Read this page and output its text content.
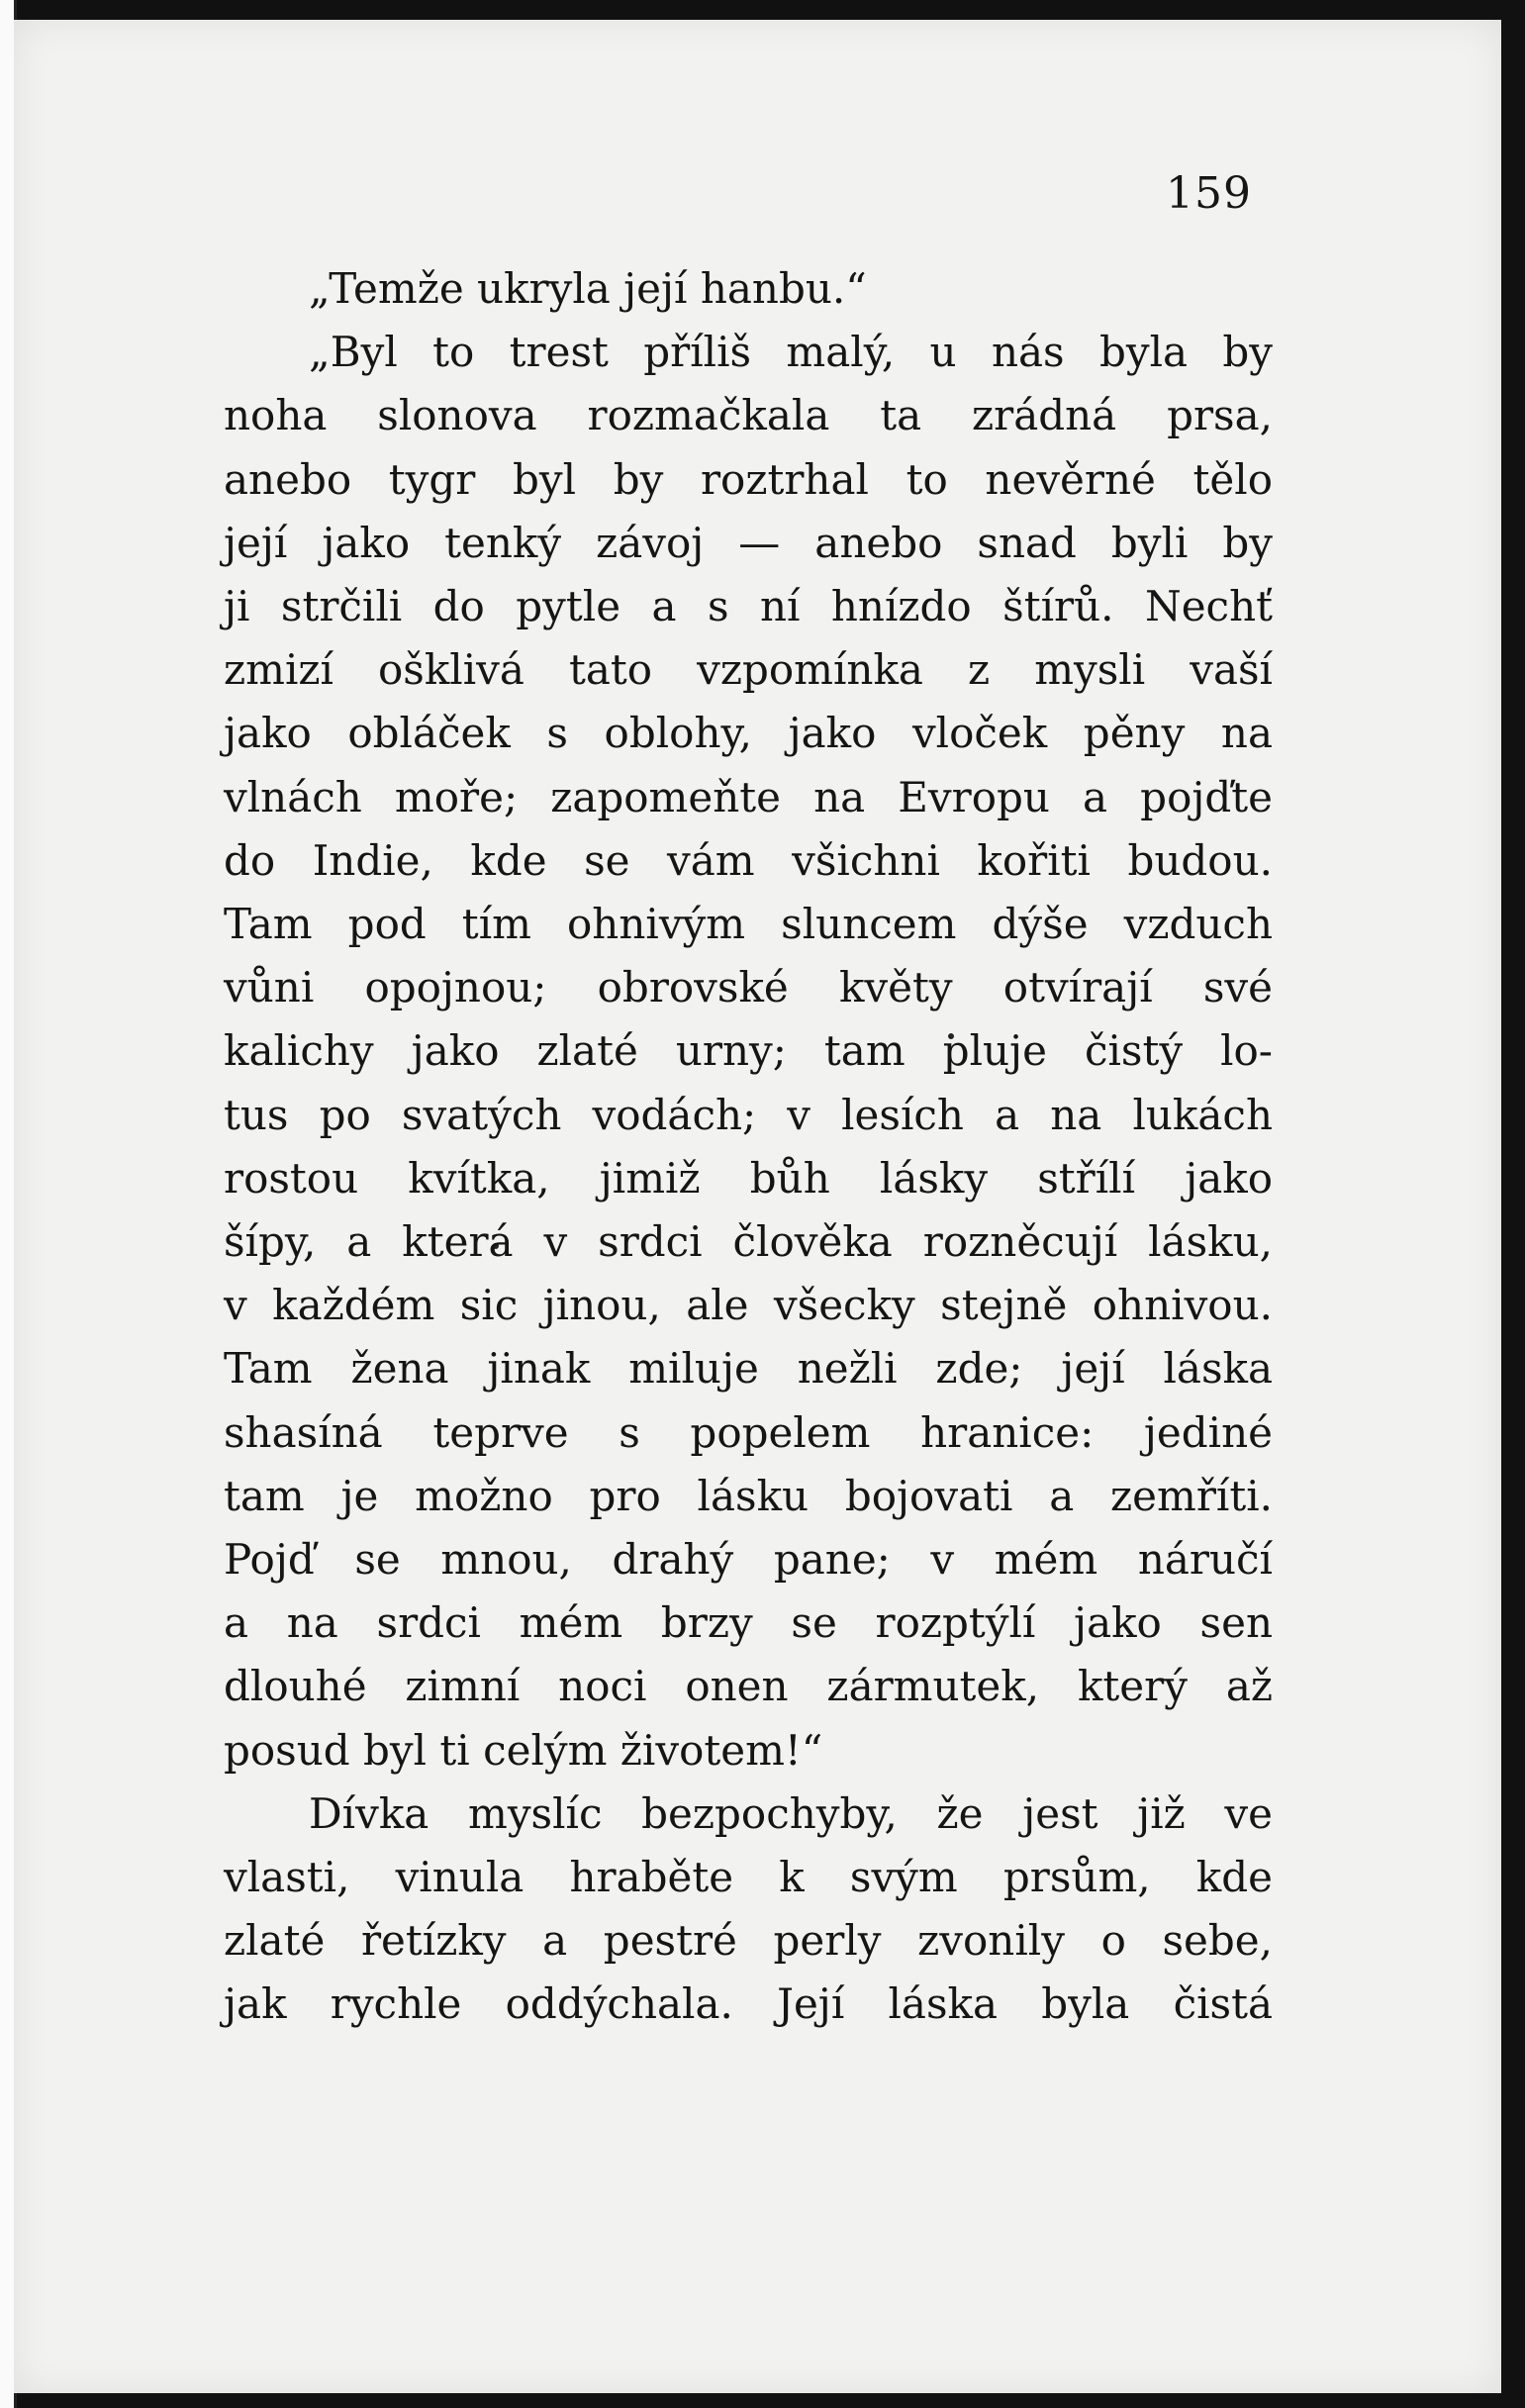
159
„Temže ukryla její hanbu.“
„Byl to trest příliš malý, u nás byla by
noha slonova rozmačkala ta zrádná prsa,
anebo tygr byl by roztrhal to nevěrné tělo
její jako tenký závoj — anebo snad byli by
ji strčili do pytle a s ní hnízdo štírů. Nechť
zmizí ošklivá tato vzpomínka z mysli vaší
jako obláček s oblohy, jako vloček pěny na
vlnách moře; zapomeňte na Evropu a pojďte
do Indie, kde se vám všichni kořiti budou.
Tam pod tím ohnivým sluncem dýše vzduch
vůni opojnou; obrovské květy otvírají své
kalichy jako zlaté urny; tam pluje čistý lo-
tus po svatých vodách; v lesích a na lukách
rostou kvítka, jimiž bůh lásky střílí jako
šípy, a která v srdci člověka rozněcují lásku,
v každém sic jinou, ale všecky stejně ohnivou.
Tam žena jinak miluje nežli zde; její láska
shasíná teprve s popelem hranice: jediné
tam je možno pro lásku bojovati a zemříti.
Pojď se mnou, drahý pane; v mém náručí
a na srdci mém brzy se rozptýlí jako sen
dlouhé zimní noci onen zármutek, který až
posud byl ti celým životem!“
Dívka myslíc bezpochyby, že jest již ve
vlasti, vinula hraběte k svým prsům, kde
zlaté řetízky a pestré perly zvonily o sebe,
jak rychle oddýchala. Její láska byla čistá
